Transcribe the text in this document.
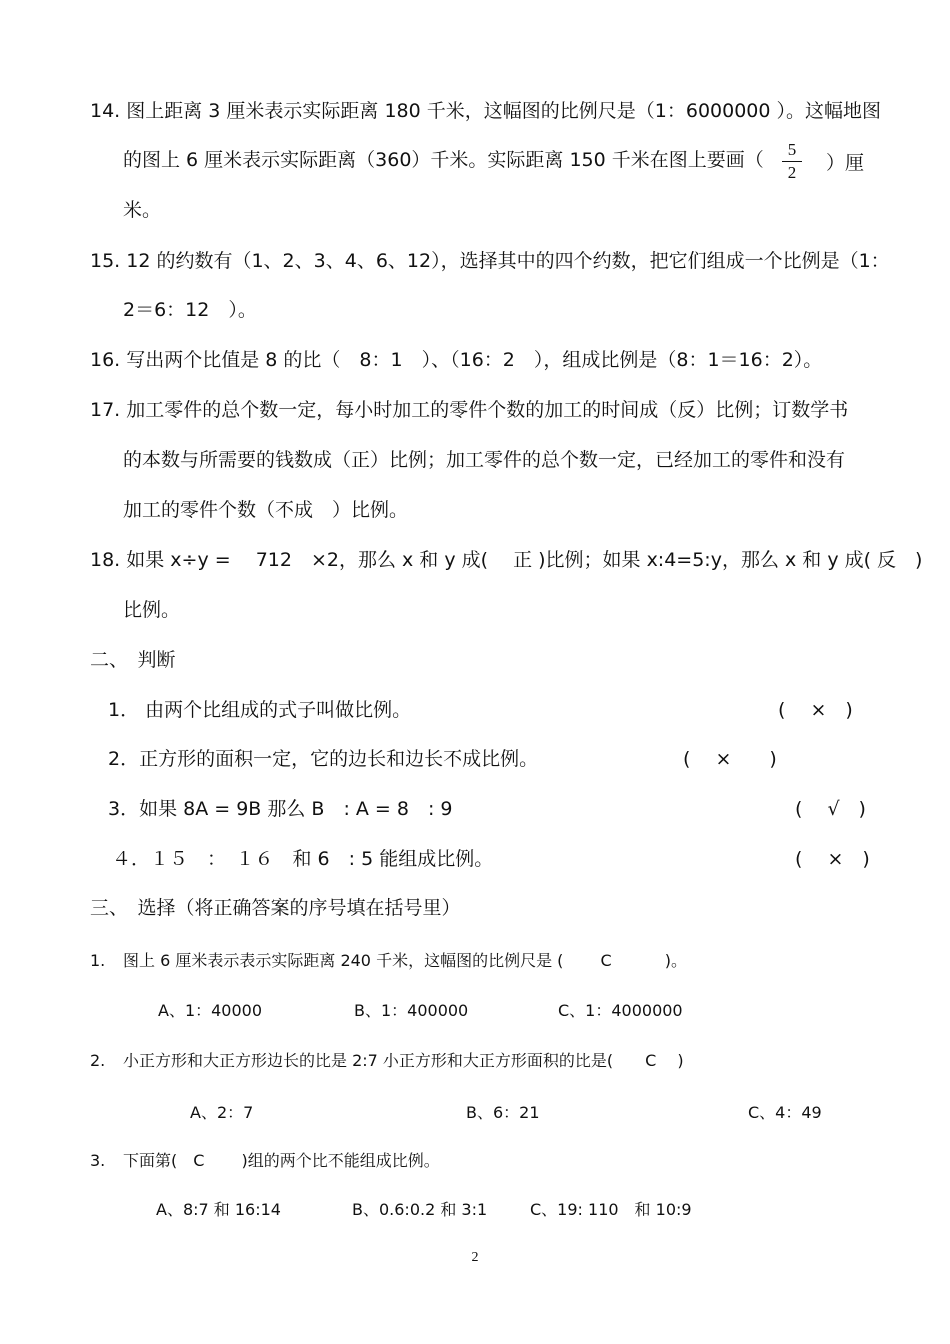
14. 图上距离 3 厘米表示实际距离 180 千米，这幅图的比例尺是（1：6000000 ）。这幅地图
的图上 6 厘米表示实际距离（360）千米。实际距离 150 千米在图上要画（	5
2	）厘
米。
15. 12 的约数有（1、2、3、4、6、12），选择其中的四个约数，把它们组成一个比例是（1：
2＝6：12　）。
16. 写出两个比值是 8 的比（　8：1　）、（16：2　），组成比例是（8：1＝16：2）。
17. 加工零件的总个数一定，每小时加工的零件个数的加工的时间成（反）比例；订数学书
的本数与所需要的钱数成（正）比例；加工零件的总个数一定，已经加工的零件和没有
加工的零件个数（不成　）比例。
18. 如果 x÷y =　 712　×2，那么 x 和 y 成(　 正 )比例；如果 x:4=5:y，那么 x 和 y 成( 反　)
比例。
二、　判断
1． 由两个比组成的式子叫做比例。	(　 ×　)
2．正方形的面积一定，它的边长和边长不成比例。	(　 ×　　)
3．如果 8A = 9B 那么 B　: A = 8　: 9	(　 √　)
４．１５　：　１６　和 6　: 5 能组成比例。	(　 ×　)
三、　选择（将正确答案的序号填在括号里）
1. 图上 6 厘米表示表示实际距离 240 千米，这幅图的比例尺是 (　　 C　　　 )。
A、1：40000	B、1：400000	C、1：4000000
2. 小正方形和大正方形边长的比是 2:7 小正方形和大正方形面积的比是(　　C　 )
A、2：7	B、6：21	C、4：49
3. 下面第(　C　　 )组的两个比不能组成比例。
A、8:7 和 16:14	B、0.6:0.2 和 3:1	C、19: 110　和 10:9
2
